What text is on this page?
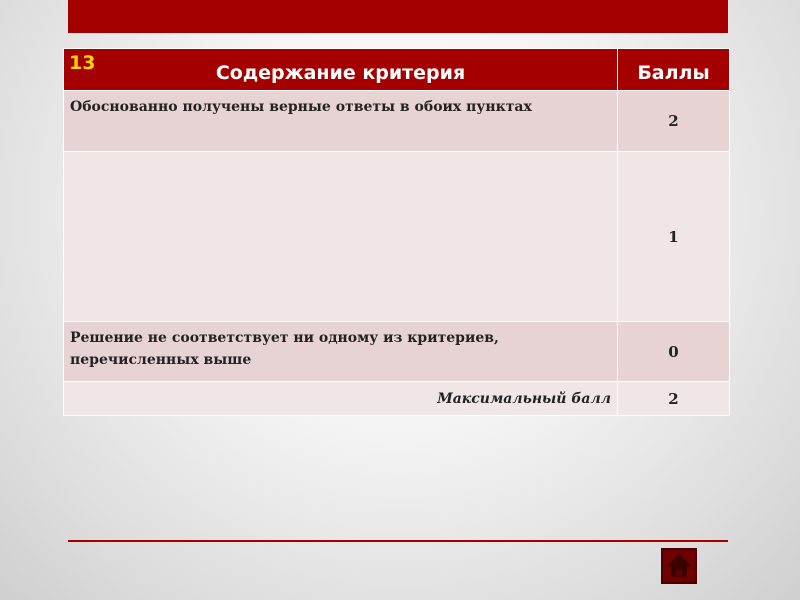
13 Содержание критерия	Баллы

Обоснованно получены верные ответы в обоих пунктах	2
	1
Решение не соответствует ни одному из критериев, перечисленных выше	0
Максимальный балл	2
